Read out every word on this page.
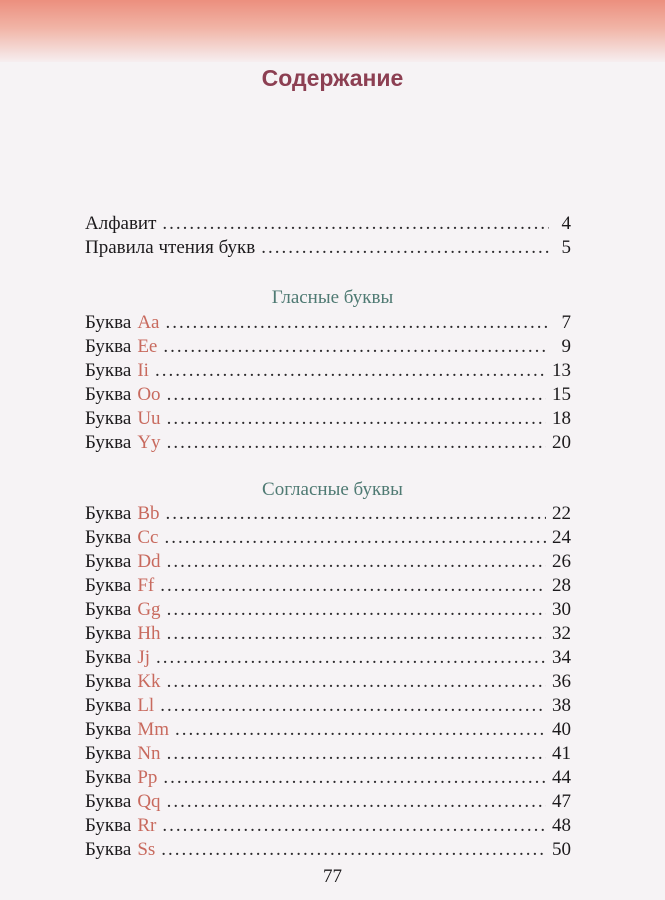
Содержание
Алфавит .....	4
Правила чтения букв .....	5
Гласные буквы
Буква Aa .....	7
Буква Ee .....	9
Буква Ii .....	13
Буква Oo .....	15
Буква Uu .....	18
Буква Yy .....	20
Согласные буквы
Буква Bb .....	22
Буква Cc .....	24
Буква Dd .....	26
Буква Ff .....	28
Буква Gg .....	30
Буква Hh .....	32
Буква Jj .....	34
Буква Kk .....	36
Буква Ll .....	38
Буква Mm .....	40
Буква Nn .....	41
Буква Pp .....	44
Буква Qq .....	47
Буква Rr .....	48
Буква Ss .....	50
77
